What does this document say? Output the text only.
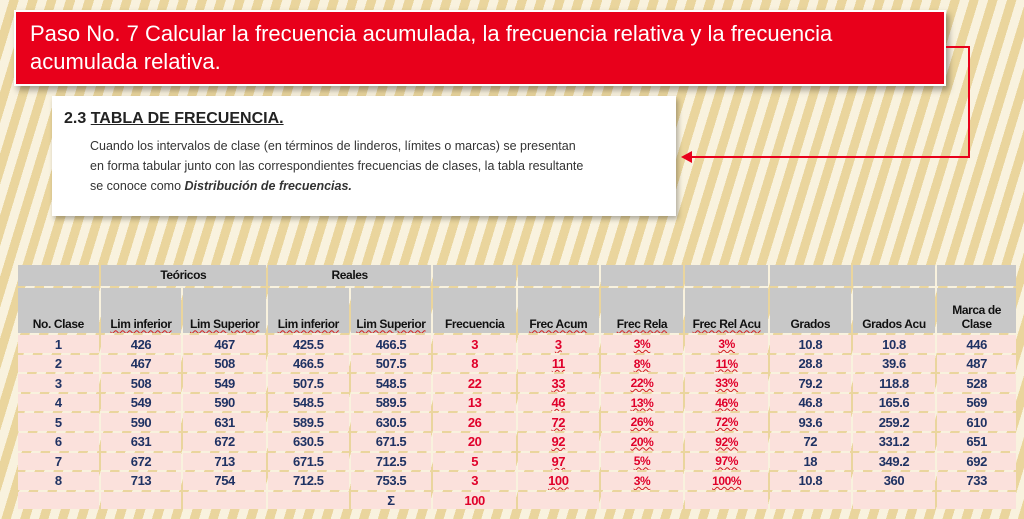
Paso No. 7 Calcular la frecuencia acumulada, la frecuencia relativa y la frecuencia
acumulada relativa.
2.3 TABLA DE FRECUENCIA.
Cuando los intervalos de clase (en términos de linderos, límites o marcas) se presentan
en forma tabular junto con las correspondientes frecuencias de clases, la tabla resultante
se conoce como Distribución de frecuencias.
	Teóricos		Reales								
No. Clase	Lim inferior	Lim Superior	Lim inferior	Lim Superior	Frecuencia	Frec Acum	Frec Rela	Frec Rel Acu	Grados	Grados Acu	Marca de Clase
1	426	467	425.5	466.5	3	3	3%	3%	10.8	10.8	446
2	467	508	466.5	507.5	8	11	8%	11%	28.8	39.6	487
3	508	549	507.5	548.5	22	33	22%	33%	79.2	118.8	528
4	549	590	548.5	589.5	13	46	13%	46%	46.8	165.6	569
5	590	631	589.5	630.5	26	72	26%	72%	93.6	259.2	610
6	631	672	630.5	671.5	20	92	20%	92%	72	331.2	651
7	672	713	671.5	712.5	5	97	5%	97%	18	349.2	692
8	713	754	712.5	753.5	3	100	3%	100%	10.8	360	733
				Σ	100						
